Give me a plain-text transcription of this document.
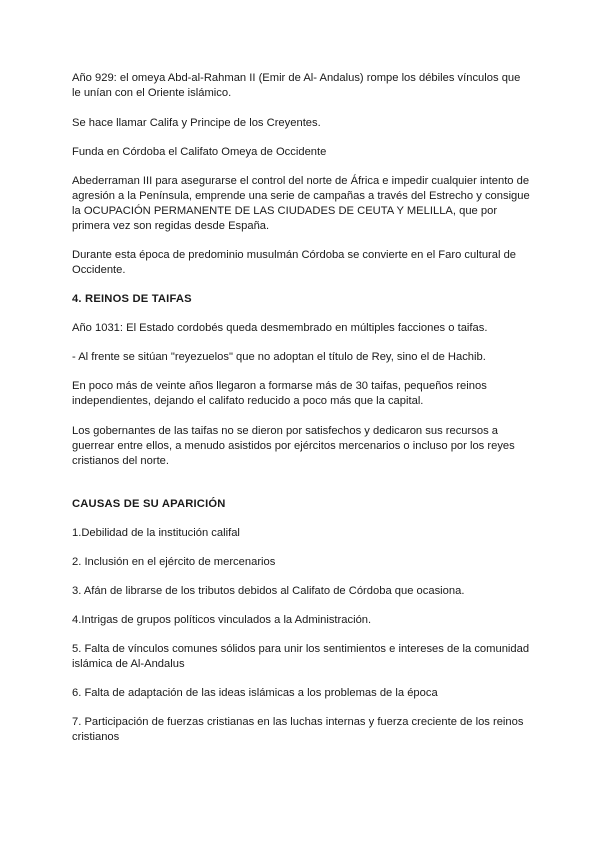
Año 929: el omeya Abd-al-Rahman II (Emir de Al- Andalus) rompe los débiles vínculos que le unían con el Oriente islámico.

Se hace llamar Califa y Principe de los Creyentes.

Funda en Córdoba el Califato Omeya de Occidente

Abederraman III para asegurarse el control del norte de África e impedir cualquier intento de agresión a la Península, emprende una serie de campañas a través del Estrecho y consigue la OCUPACIÓN PERMANENTE DE LAS CIUDADES DE CEUTA Y MELILLA, que por primera vez son regidas desde España.

Durante esta época de predominio musulmán Córdoba se convierte en el Faro cultural de Occidente.

4. REINOS DE TAIFAS

Año 1031: El Estado cordobés queda desmembrado en múltiples facciones o taifas.

- Al frente se sitúan "reyezuelos" que no adoptan el título de Rey, sino el de Hachib.

En poco más de veinte años llegaron a formarse más de 30 taifas, pequeños reinos independientes, dejando el califato reducido a poco más que la capital.

Los gobernantes de las taifas no se dieron por satisfechos y dedicaron sus recursos a guerrear entre ellos, a menudo asistidos por ejércitos mercenarios o incluso por los reyes cristianos del norte.

CAUSAS DE SU APARICIÓN

1.Debilidad de la institución califal

2. Inclusión en el ejército de mercenarios

3. Afán de librarse de los tributos debidos al Califato de Córdoba que ocasiona.

4.Intrigas de grupos políticos vinculados a la Administración.

5. Falta de vínculos comunes sólidos para unir los sentimientos e intereses de la comunidad islámica de Al-Andalus

6. Falta de adaptación de las ideas islámicas a los problemas de la época

7. Participación de fuerzas cristianas en las luchas internas y fuerza creciente de los reinos cristianos
